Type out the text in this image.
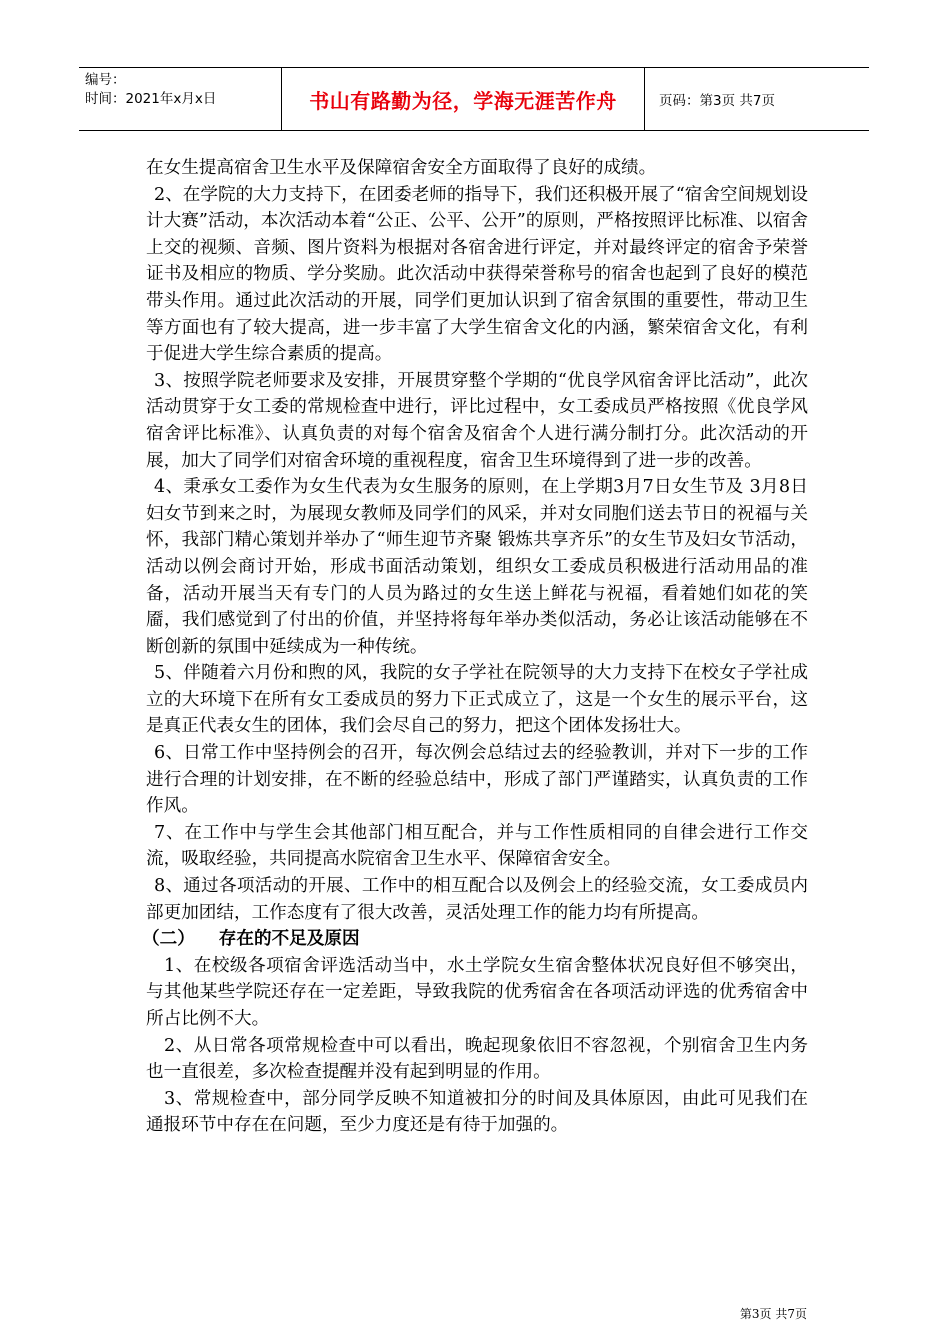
编号：
时间：2021年x月x日	书山有路勤为径，学海无涯苦作舟	页码：第3页 共7页

在女生提高宿舍卫生水平及保障宿舍安全方面取得了良好的成绩。

2、在学院的大力支持下，在团委老师的指导下，我们还积极开展了“宿舍空间规划设计大赛”活动，本次活动本着“公正、公平、公开”的原则，严格按照评比标准、以宿舍上交的视频、音频、图片资料为根据对各宿舍进行评定，并对最终评定的宿舍予荣誉证书及相应的物质、学分奖励。此次活动中获得荣誉称号的宿舍也起到了良好的模范带头作用。通过此次活动的开展，同学们更加认识到了宿舍氛围的重要性，带动卫生等方面也有了较大提高，进一步丰富了大学生宿舍文化的内涵，繁荣宿舍文化，有利于促进大学生综合素质的提高。

3、按照学院老师要求及安排，开展贯穿整个学期的“优良学风宿舍评比活动”，此次活动贯穿于女工委的常规检查中进行，评比过程中，女工委成员严格按照《优良学风宿舍评比标准》、认真负责的对每个宿舍及宿舍个人进行满分制打分。此次活动的开展，加大了同学们对宿舍环境的重视程度，宿舍卫生环境得到了进一步的改善。

4、秉承女工委作为女生代表为女生服务的原则，在上学期3月7日女生节及 3月8日妇女节到来之时，为展现女教师及同学们的风采，并对女同胞们送去节日的祝福与关怀，我部门精心策划并举办了“师生迎节齐聚 锻炼共享齐乐”的女生节及妇女节活动，活动以例会商讨开始，形成书面活动策划，组织女工委成员积极进行活动用品的准备，活动开展当天有专门的人员为路过的女生送上鲜花与祝福，看着她们如花的笑靥，我们感觉到了付出的价值，并坚持将每年举办类似活动，务必让该活动能够在不断创新的氛围中延续成为一种传统。

5、伴随着六月份和煦的风，我院的女子学社在院领导的大力支持下在校女子学社成立的大环境下在所有女工委成员的努力下正式成立了，这是一个女生的展示平台，这是真正代表女生的团体，我们会尽自己的努力，把这个团体发扬壮大。

6、日常工作中坚持例会的召开，每次例会总结过去的经验教训，并对下一步的工作进行合理的计划安排，在不断的经验总结中，形成了部门严谨踏实，认真负责的工作作风。

7、在工作中与学生会其他部门相互配合，并与工作性质相同的自律会进行工作交流，吸取经验，共同提高水院宿舍卫生水平、保障宿舍安全。

8、通过各项活动的开展、工作中的相互配合以及例会上的经验交流，女工委成员内部更加团结，工作态度有了很大改善，灵活处理工作的能力均有所提高。

（二） 存在的不足及原因

1、在校级各项宿舍评选活动当中，水土学院女生宿舍整体状况良好但不够突出，与其他某些学院还存在一定差距，导致我院的优秀宿舍在各项活动评选的优秀宿舍中所占比例不大。

2、从日常各项常规检查中可以看出，晚起现象依旧不容忽视，个别宿舍卫生内务也一直很差，多次检查提醒并没有起到明显的作用。

3、常规检查中，部分同学反映不知道被扣分的时间及具体原因，由此可见我们在通报环节中存在在问题，至少力度还是有待于加强的。

第3页 共7页
